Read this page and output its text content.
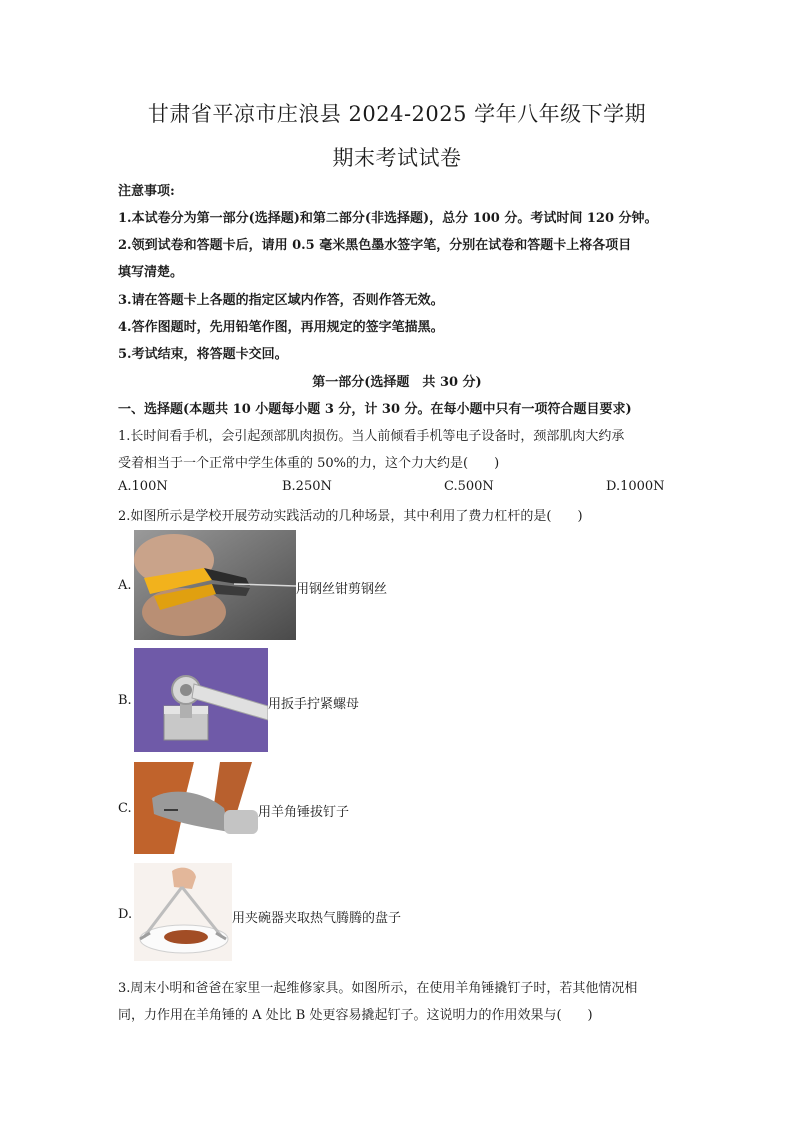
甘肃省平凉市庄浪县 2024-2025 学年八年级下学期
期末考试试卷
注意事项:
1.本试卷分为第一部分(选择题)和第二部分(非选择题)，总分 100 分。考试时间 120 分钟。
2.领到试卷和答题卡后，请用 0.5 毫米黑色墨水签字笔，分别在试卷和答题卡上将各项目
填写清楚。
3.请在答题卡上各题的指定区域内作答，否则作答无效。
4.答作图题时，先用铅笔作图，再用规定的签字笔描黑。
5.考试结束，将答题卡交回。
第一部分(选择题　共 30 分)
一、选择题(本题共 10 小题每小题 3 分，计 30 分。在每小题中只有一项符合题目要求)
1.长时间看手机，会引起颈部肌肉损伤。当人前倾看手机等电子设备时，颈部肌肉大约承
受着相当于一个正常中学生体重的 50%的力，这个力大约是(　　)
A.100N	B.250N	C.500N	D.1000N
2.如图所示是学校开展劳动实践活动的几种场景，其中利用了费力杠杆的是(　　)
A.	用钢丝钳剪钢丝
B.	用扳手拧紧螺母
C.	用羊角锤拔钉子
D.	用夹碗器夹取热气腾腾的盘子
3.周末小明和爸爸在家里一起维修家具。如图所示，在使用羊角锤撬钉子时，若其他情况相
同，力作用在羊角锤的 A 处比 B 处更容易撬起钉子。这说明力的作用效果与(　　)
